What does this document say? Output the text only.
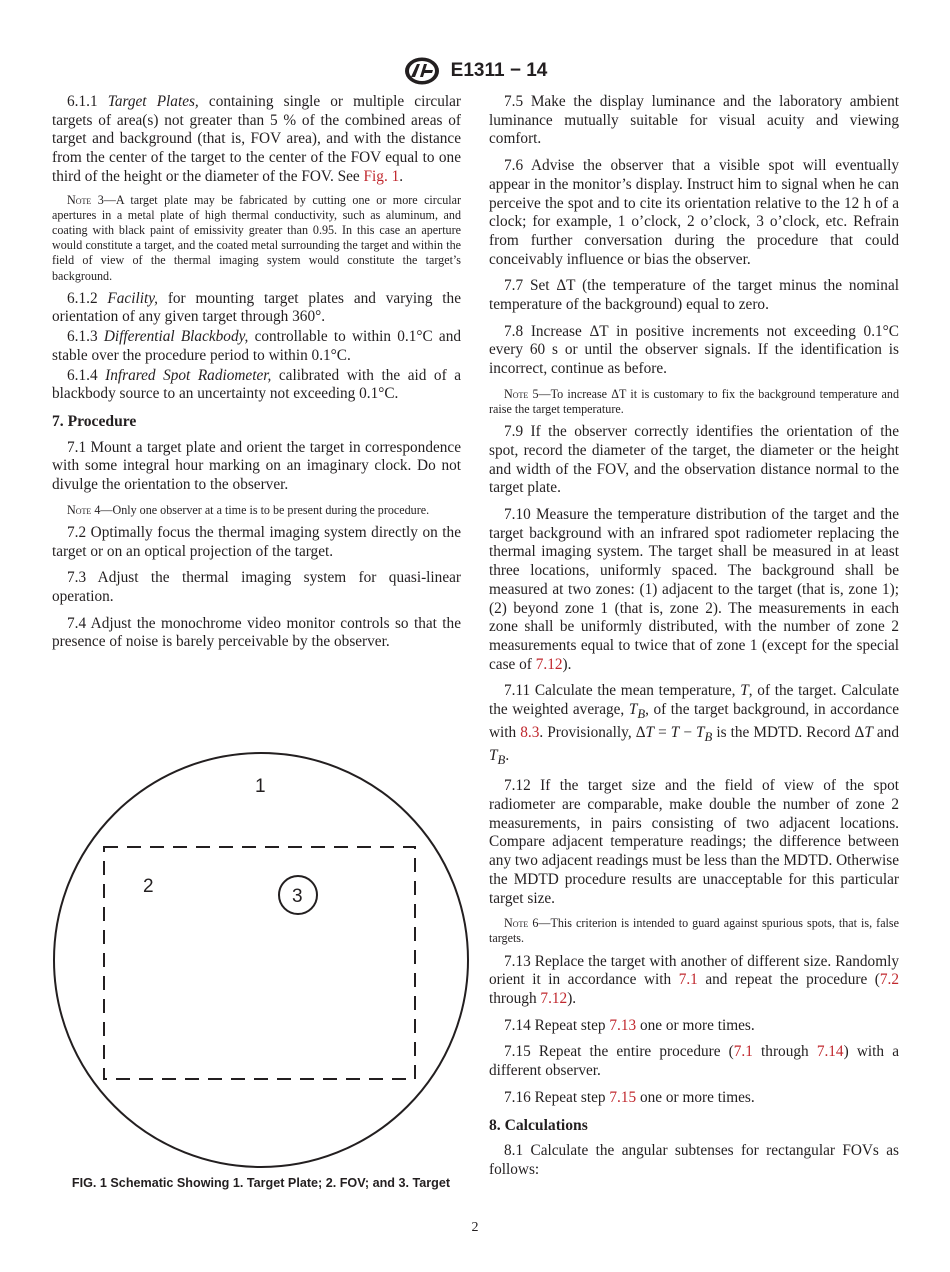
E1311 − 14

6.1.1 Target Plates, containing single or multiple circular targets of area(s) not greater than 5 % of the combined areas of target and background (that is, FOV area), and with the distance from the center of the target to the center of the FOV equal to one third of the height or the diameter of the FOV. See Fig. 1.

Note 3—A target plate may be fabricated by cutting one or more circular apertures in a metal plate of high thermal conductivity, such as aluminum, and coating with black paint of emissivity greater than 0.95. In this case an aperture would constitute a target, and the coated metal surrounding the target and within the field of view of the thermal imaging system would constitute the target’s background.

6.1.2 Facility, for mounting target plates and varying the orientation of any given target through 360°.

6.1.3 Differential Blackbody, controllable to within 0.1°C and stable over the procedure period to within 0.1°C.

6.1.4 Infrared Spot Radiometer, calibrated with the aid of a blackbody source to an uncertainty not exceeding 0.1°C.

7. Procedure

7.1 Mount a target plate and orient the target in correspondence with some integral hour marking on an imaginary clock. Do not divulge the orientation to the observer.

Note 4—Only one observer at a time is to be present during the procedure.

7.2 Optimally focus the thermal imaging system directly on the target or on an optical projection of the target.

7.3 Adjust the thermal imaging system for quasi-linear operation.

7.4 Adjust the monochrome video monitor controls so that the presence of noise is barely perceivable by the observer.

1
2	3
FIG. 1 Schematic Showing 1. Target Plate; 2. FOV; and 3. Target

7.5 Make the display luminance and the laboratory ambient luminance mutually suitable for visual acuity and viewing comfort.

7.6 Advise the observer that a visible spot will eventually appear in the monitor’s display. Instruct him to signal when he can perceive the spot and to cite its orientation relative to the 12 h of a clock; for example, 1 o’clock, 2 o’clock, 3 o’clock, etc. Refrain from further conversation during the procedure that could conceivably influence or bias the observer.

7.7 Set ΔT (the temperature of the target minus the nominal temperature of the background) equal to zero.

7.8 Increase ΔT in positive increments not exceeding 0.1°C every 60 s or until the observer signals. If the identification is incorrect, continue as before.

Note 5—To increase ΔT it is customary to fix the background temperature and raise the target temperature.

7.9 If the observer correctly identifies the orientation of the spot, record the diameter of the target, the diameter or the height and width of the FOV, and the observation distance normal to the target plate.

7.10 Measure the temperature distribution of the target and the target background with an infrared spot radiometer replacing the thermal imaging system. The target shall be measured in at least three locations, uniformly spaced. The background shall be measured at two zones: (1) adjacent to the target (that is, zone 1); (2) beyond zone 1 (that is, zone 2). The measurements in each zone shall be uniformly distributed, with the number of zone 2 measurements equal to twice that of zone 1 (except for the special case of 7.12).

7.11 Calculate the mean temperature, T, of the target. Calculate the weighted average, $T_B$, of the target background, in accordance with 8.3. Provisionally, $\Delta T = T - T_B$ is the MDTD. Record ΔT and $T_B$.

7.12 If the target size and the field of view of the spot radiometer are comparable, make double the number of zone 2 measurements, in pairs consisting of two adjacent locations. Compare adjacent temperature readings; the difference between any two adjacent readings must be less than the MDTD. Otherwise the MDTD procedure results are unacceptable for this particular target size.

Note 6—This criterion is intended to guard against spurious spots, that is, false targets.

7.13 Replace the target with another of different size. Randomly orient it in accordance with 7.1 and repeat the procedure (7.2 through 7.12).

7.14 Repeat step 7.13 one or more times.

7.15 Repeat the entire procedure (7.1 through 7.14) with a different observer.

7.16 Repeat step 7.15 one or more times.

8. Calculations

8.1 Calculate the angular subtenses for rectangular FOVs as follows:

2
